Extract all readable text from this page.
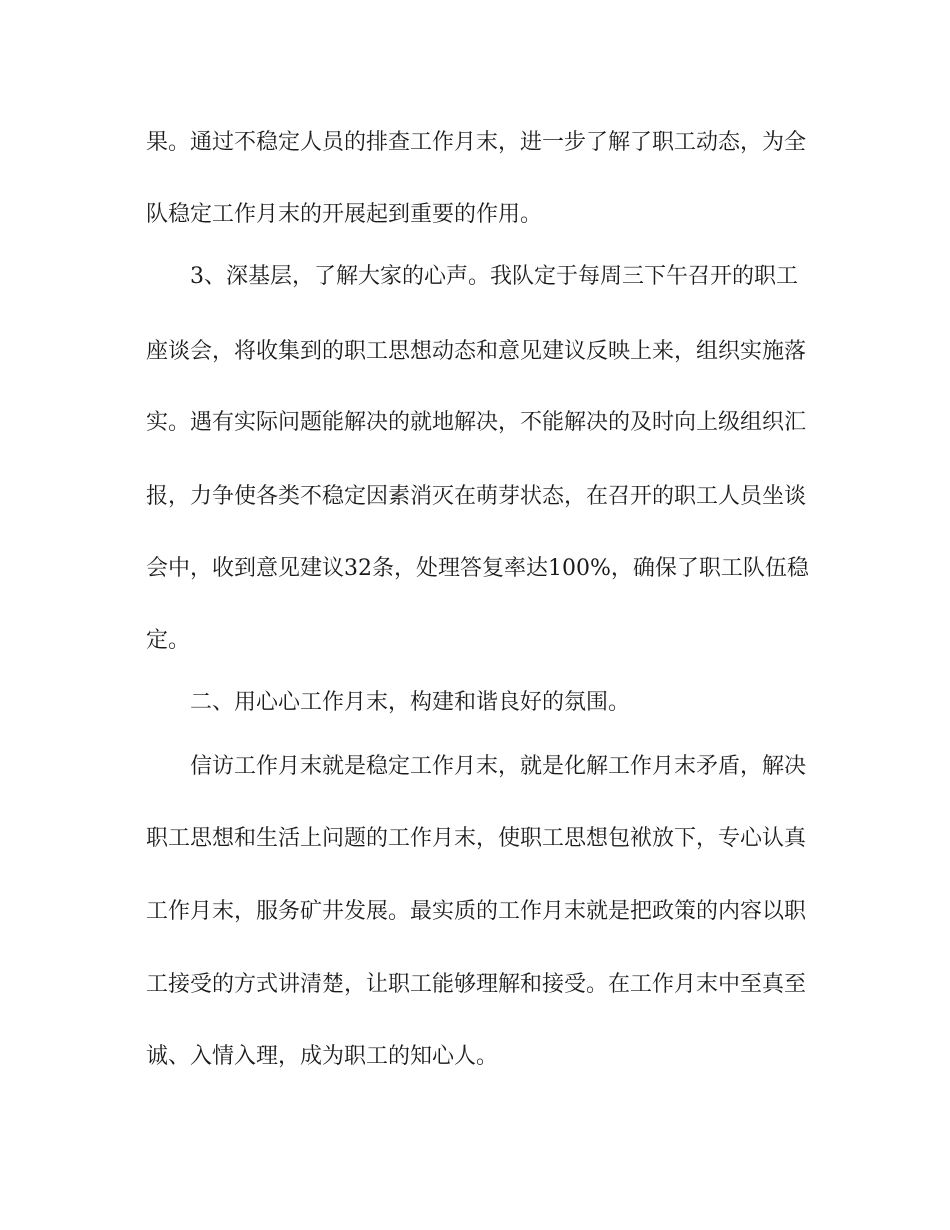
果。通过不稳定人员的排查工作月末，进一步了解了职工动态，为全
队稳定工作月末的开展起到重要的作用。
3、深基层，了解大家的心声。我队定于每周三下午召开的职工
座谈会，将收集到的职工思想动态和意见建议反映上来，组织实施落
实。遇有实际问题能解决的就地解决，不能解决的及时向上级组织汇
报，力争使各类不稳定因素消灭在萌芽状态，在召开的职工人员坐谈
会中，收到意见建议32条，处理答复率达100%，确保了职工队伍稳
定。
二、用心心工作月末，构建和谐良好的氛围。
信访工作月末就是稳定工作月末，就是化解工作月末矛盾，解决
职工思想和生活上问题的工作月末，使职工思想包袱放下，专心认真
工作月末，服务矿井发展。最实质的工作月末就是把政策的内容以职
工接受的方式讲清楚，让职工能够理解和接受。在工作月末中至真至
诚、入情入理，成为职工的知心人。
